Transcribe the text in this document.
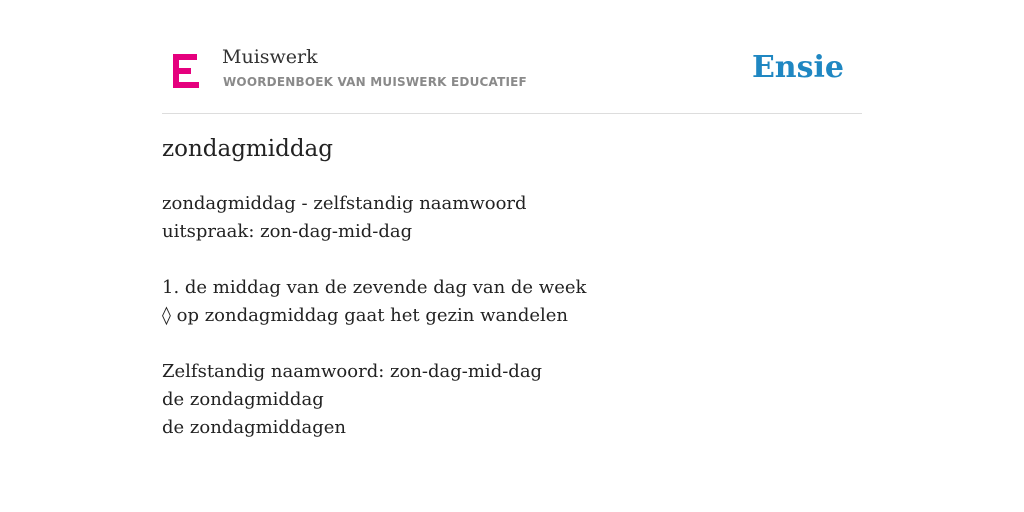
Muiswerk
WOORDENBOEK VAN MUISWERK EDUCATIEF	Ensie
zondagmiddag
zondagmiddag - zelfstandig naamwoord
uitspraak: zon-dag-mid-dag
1. de middag van de zevende dag van de week
◊ op zondagmiddag gaat het gezin wandelen
Zelfstandig naamwoord: zon-dag-mid-dag
de zondagmiddag
de zondagmiddagen
